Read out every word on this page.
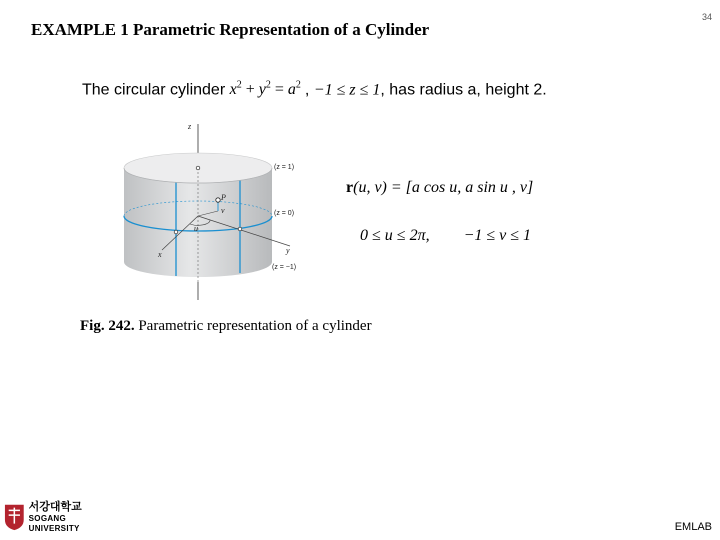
EXAMPLE 1 Parametric Representation of a Cylinder
34
The circular cylinder $x^2 + y^2 = a^2$ , −1 ≤ z ≤ 1, has radius a, height 2.
z
x	y
P
u
v
(z = 1)
(z = 0)
(z = −1)
r(u, v) = [a cos u, a sin u , v]
0 ≤ u ≤ 2π, −1 ≤ v ≤ 1
Fig. 242. Parametric representation of a cylinder
서강대학교
SOGANG UNIVERSITY	EMLAB
